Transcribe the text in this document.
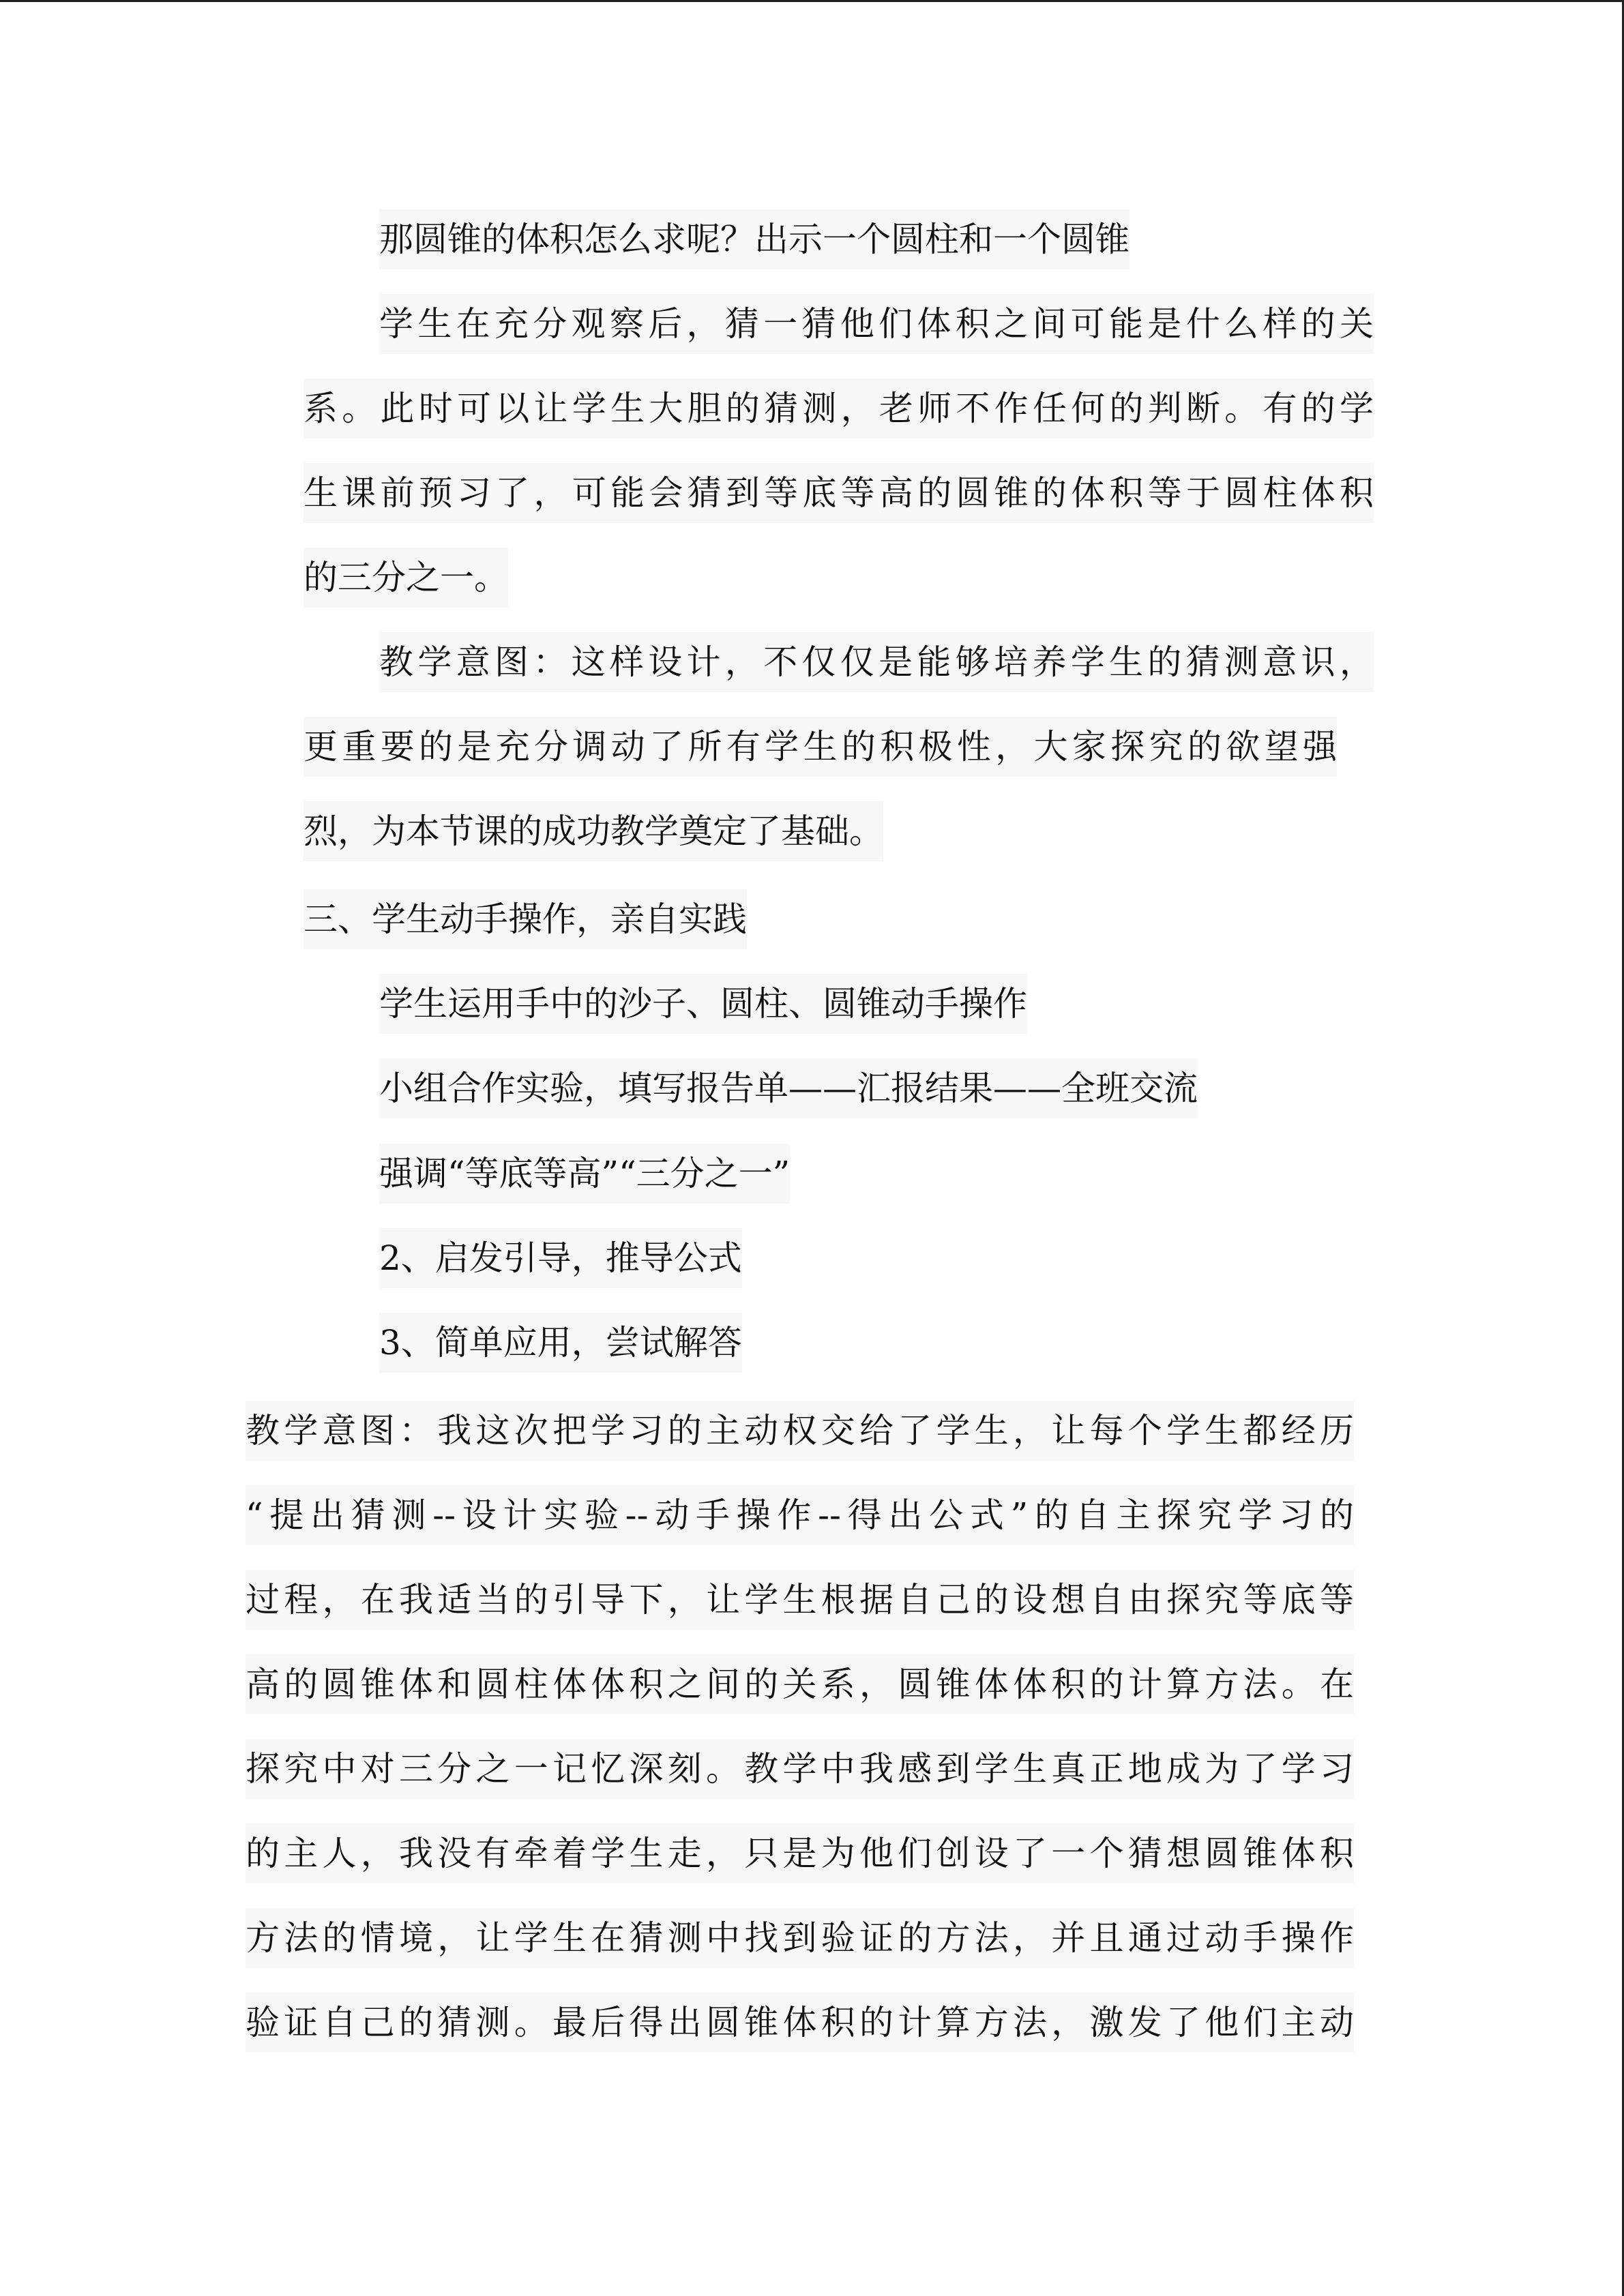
那圆锥的体积怎么求呢？出示一个圆柱和一个圆锥

学生在充分观察后，猜一猜他们体积之间可能是什么样的关

系。此时可以让学生大胆的猜测，老师不作任何的判断。有的学

生课前预习了，可能会猜到等底等高的圆锥的体积等于圆柱体积

的三分之一。

教学意图：这样设计，不仅仅是能够培养学生的猜测意识，

更重要的是充分调动了所有学生的积极性，大家探究的欲望强

烈，为本节课的成功教学奠定了基础。

三、学生动手操作，亲自实践

学生运用手中的沙子、圆柱、圆锥动手操作

小组合作实验，填写报告单——汇报结果——全班交流

强调“等底等高”“三分之一”

2、启发引导，推导公式

3、简单应用，尝试解答

教学意图：我这次把学习的主动权交给了学生，让每个学生都经历

“提出猜测--设计实验--动手操作--得出公式”的自主探究学习的

过程，在我适当的引导下，让学生根据自己的设想自由探究等底等

高的圆锥体和圆柱体体积之间的关系，圆锥体体积的计算方法。在

探究中对三分之一记忆深刻。教学中我感到学生真正地成为了学习

的主人，我没有牵着学生走，只是为他们创设了一个猜想圆锥体积

方法的情境，让学生在猜测中找到验证的方法，并且通过动手操作

验证自己的猜测。最后得出圆锥体积的计算方法，激发了他们主动
